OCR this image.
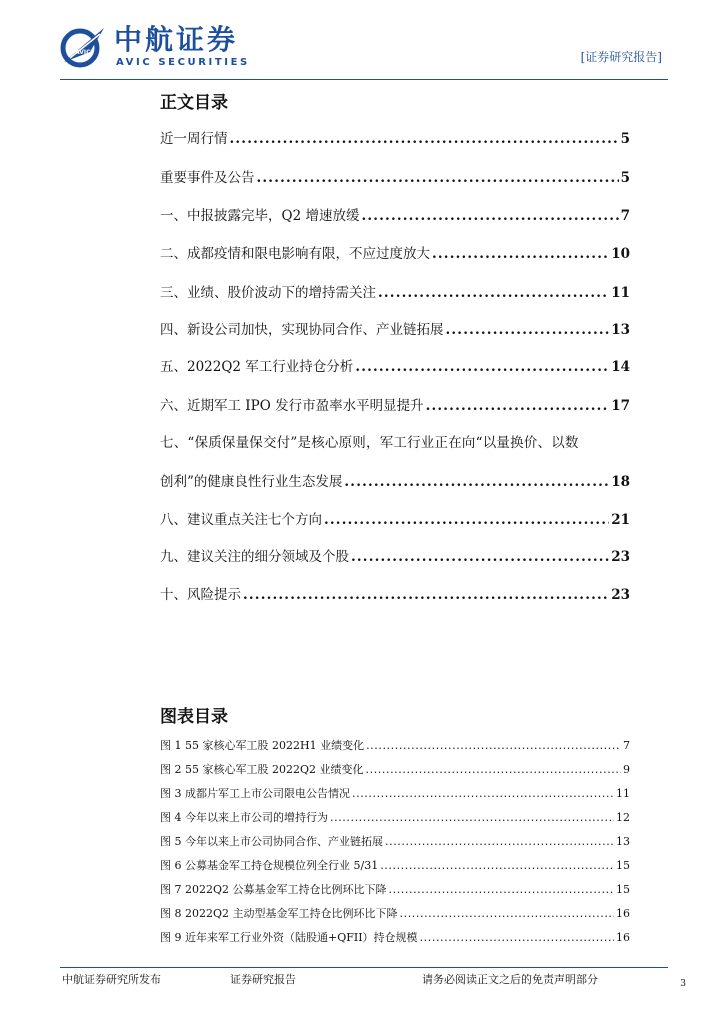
AVIC 中航证券
AVIC SECURITIES	[证券研究报告]
正文目录
近一周行情 .....	5
重要事件及公告 .....	5
一、中报披露完毕，Q2 增速放缓 .....	7
二、成都疫情和限电影响有限，不应过度放大 .....	10
三、业绩、股价波动下的增持需关注 .....	11
四、新设公司加快，实现协同合作、产业链拓展 .....	13
五、2022Q2 军工行业持仓分析 .....	14
六、近期军工 IPO 发行市盈率水平明显提升 .....	17
七、“保质保量保交付”是核心原则，军工行业正在向“以量换价、以数
创利”的健康良性行业生态发展 .....	18
八、建议重点关注七个方向 .....	21
九、建议关注的细分领域及个股 .....	23
十、风险提示 .....	23
图表目录
图 1 55 家核心军工股 2022H1 业绩变化 .....	7
图 2 55 家核心军工股 2022Q2 业绩变化 .....	9
图 3 成都片军工上市公司限电公告情况 .....	11
图 4 今年以来上市公司的增持行为 .....	12
图 5 今年以来上市公司协同合作、产业链拓展 .....	13
图 6 公募基金军工持仓规模位列全行业 5/31 .....	15
图 7 2022Q2 公募基金军工持仓比例环比下降 .....	15
图 8 2022Q2 主动型基金军工持仓比例环比下降 .....	16
图 9 近年来军工行业外资（陆股通+QFII）持仓规模 .....	16
中航证券研究所发布	证券研究报告	请务必阅读正文之后的免责声明部分	3
